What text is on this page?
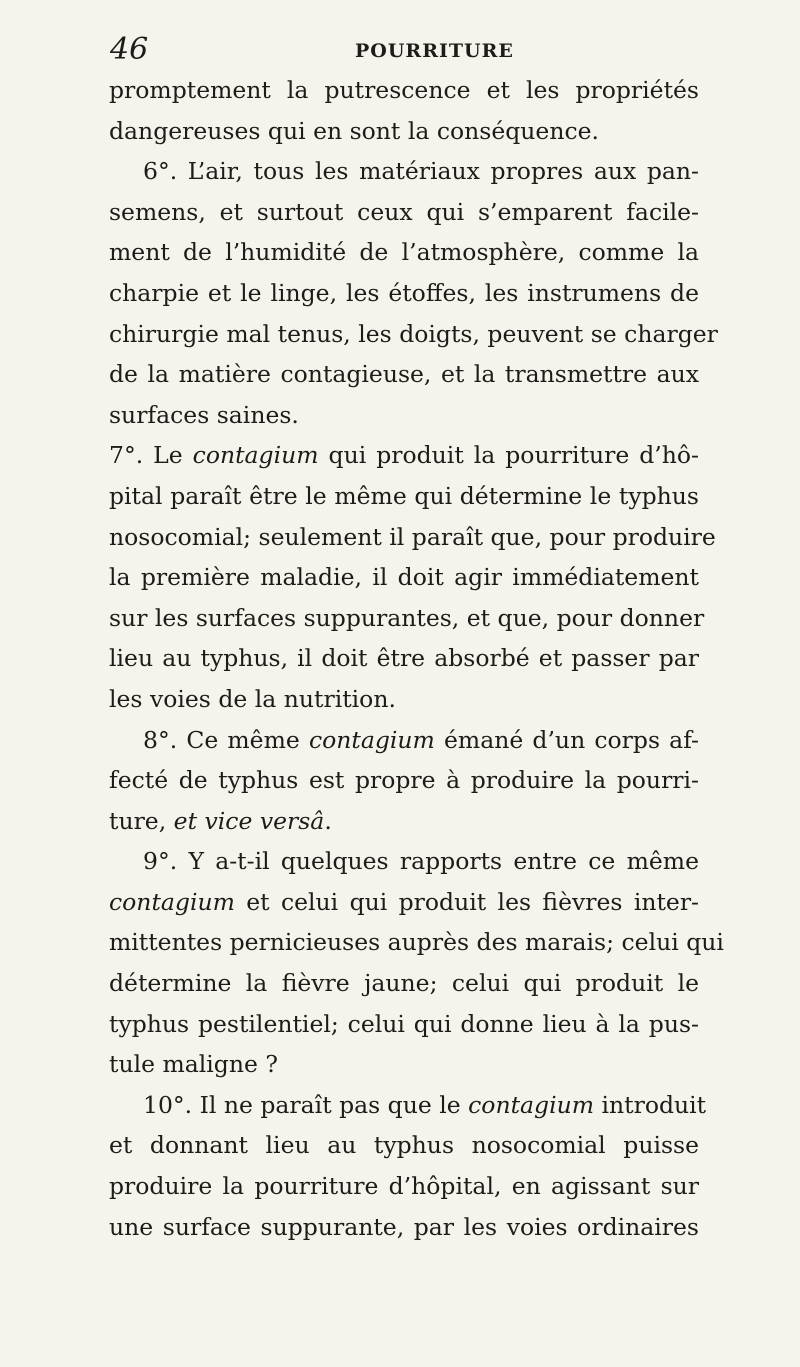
46	POURRITURE
promptement la putrescence et les propriétés
dangereuses qui en sont la conséquence.
6°. L’air, tous les matériaux propres aux pan-
semens, et surtout ceux qui s’emparent facile-
ment de l’humidité de l’atmosphère, comme la
charpie et le linge, les étoffes, les instrumens de
chirurgie mal tenus, les doigts, peuvent se charger
de la matière contagieuse, et la transmettre aux
surfaces saines.
7°. Le contagium qui produit la pourriture d’hô-
pital paraît être le même qui détermine le typhus
nosocomial; seulement il paraît que, pour produire
la première maladie, il doit agir immédiatement
sur les surfaces suppurantes, et que, pour donner
lieu au typhus, il doit être absorbé et passer par
les voies de la nutrition.
8°. Ce même contagium émané d’un corps af-
fecté de typhus est propre à produire la pourri-
ture, et vice versâ.
9°. Y a-t-il quelques rapports entre ce même
contagium et celui qui produit les fièvres inter-
mittentes pernicieuses auprès des marais; celui qui
détermine la fièvre jaune; celui qui produit le
typhus pestilentiel; celui qui donne lieu à la pus-
tule maligne ?
10°. Il ne paraît pas que le contagium introduit
et donnant lieu au typhus nosocomial puisse
produire la pourriture d’hôpital, en agissant sur
une surface suppurante, par les voies ordinaires
